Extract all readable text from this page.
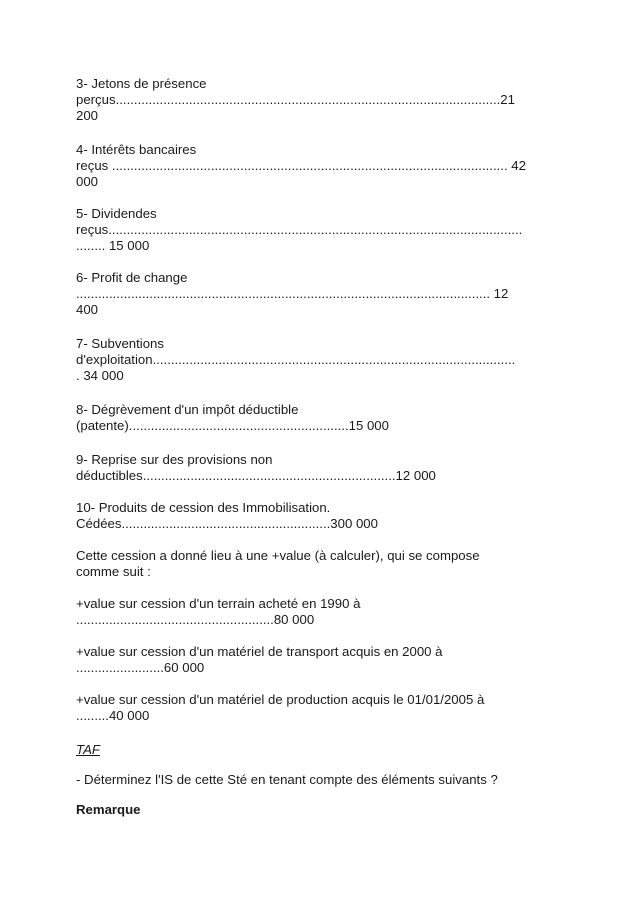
3- Jetons de présence
perçus.........................................................................................................21
200
4- Intérêts bancaires
reçus ............................................................................................................ 42
000
5- Dividendes
reçus.................................................................................................................
........ 15 000
6- Profit de change
................................................................................................................. 12
400
7- Subventions
d'exploitation...................................................................................................
. 34 000
8- Dégrèvement d'un impôt déductible
(patente)............................................................15 000
9- Reprise sur des provisions non
déductibles.....................................................................12 000
10- Produits de cession des Immobilisation.
Cédées.........................................................300 000
Cette cession a donné lieu à une +value (à calculer), qui se compose
comme suit :
+value sur cession d'un terrain acheté en 1990 à
......................................................80 000
+value sur cession d'un matériel de transport acquis en 2000 à
........................60 000
+value sur cession d'un matériel de production acquis le 01/01/2005 à
.........40 000
TAF
- Déterminez l'IS de cette Sté en tenant compte des éléments suivants ?
Remarque
